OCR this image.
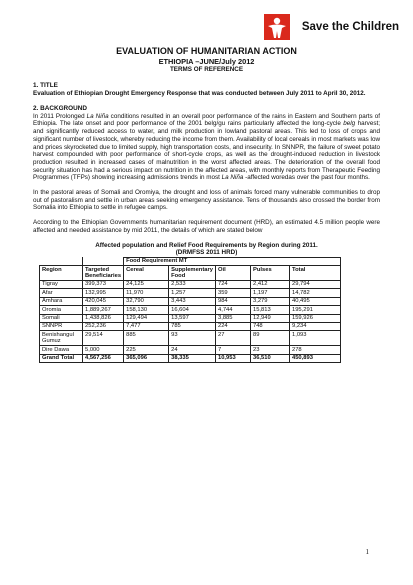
Save the Children
EVALUATION OF HUMANITARIAN ACTION
ETHIOPIA –JUNE/July 2012
TERMS OF REFERENCE
1. TITLE
Evaluation of Ethiopian Drought Emergency Response that was conducted between July 2011 to April 30, 2012.
2. BACKGROUND

In 2011 Prolonged La Niña conditions resulted in an overall poor performance of the rains in Eastern and Southern parts of Ethiopia. The late onset and poor performance of the 2001 belg/gu rains particularly affected the long-cycle belg harvest; and significantly reduced access to water, and milk production in lowland pastoral areas. This led to loss of crops and significant number of livestock, whereby reducing the income from them. Availability of local cereals in most markets was low and prices skyrocketed due to limited supply, high transportation costs, and insecurity. In SNNPR, the failure of sweet potato harvest compounded with poor performance of short-cycle crops, as well as the drought-induced reduction in livestock production resulted in increased cases of malnutrition in the worst affected areas. The deterioration of the overall food security situation has had a serious impact on nutrition in the affected areas, with monthly reports from Therapeutic Feeding Programmes (TFPs) showing increasing admissions trends in most La Niña -affected woredas over the past four months.

In the pastoral areas of Somali and Oromiya, the drought and loss of animals forced many vulnerable communities to drop out of pastoralism and settle in urban areas seeking emergency assistance. Tens of thousands also crossed the border from Somalia into Ethiopia to settle in refugee camps.

According to the Ethiopian Governments humanitarian requirement document (HRD), an estimated 4.5 million people were affected and needed assistance by mid 2011, the details of which are stated below

Affected population and Relief Food Requirements by Region during 2011.
(DRMFSS 2011 HRD)
		Food Requirement MT				
Region	Targeted Beneficiaries	Cereal	Supplementary Food	Oil	Pulses	Total
Tigray	399,373	24,125	2,533	724	2,412	29,794
Afar	132,995	11,970	1,257	359	1,197	14,782
Amhara	420,045	32,790	3,443	984	3,279	40,495
Oromia	1,889,267	158,130	16,604	4,744	15,813	195,291
Somali	1,438,826	129,494	13,597	3,885	12,949	159,926
SNNPR	252,236	7,477	785	224	748	9,234
Benishangul Gumuz	29,514	885	93	27	89	1,093
Dire Dawa	5,000	225	24	7	23	278
Grand Total	4,567,256	365,096	38,335	10,953	36,510	450,893
1
